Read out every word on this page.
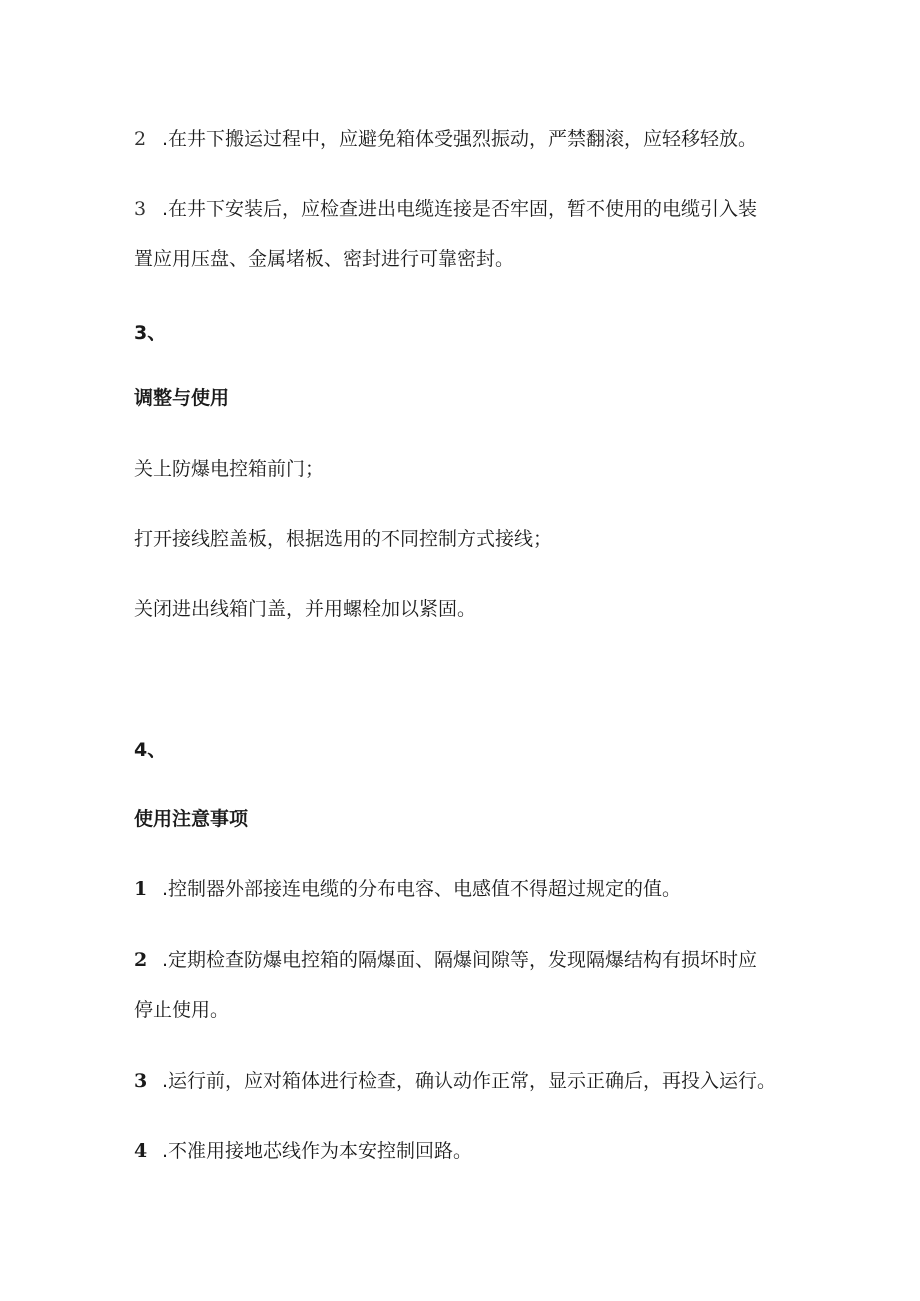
2 .在井下搬运过程中，应避免箱体受强烈振动，严禁翻滚，应轻移轻放。
3 .在井下安装后，应检查进出电缆连接是否牢固，暂不使用的电缆引入装
置应用压盘、金属堵板、密封进行可靠密封。
3、
调整与使用
关上防爆电控箱前门；
打开接线腔盖板，根据选用的不同控制方式接线；
关闭进出线箱门盖，并用螺栓加以紧固。
4、
使用注意事项
1 .控制器外部接连电缆的分布电容、电感值不得超过规定的值。
2 .定期检查防爆电控箱的隔爆面、隔爆间隙等，发现隔爆结构有损坏时应
停止使用。
3 .运行前，应对箱体进行检查，确认动作正常，显示正确后，再投入运行。
4 .不准用接地芯线作为本安控制回路。
